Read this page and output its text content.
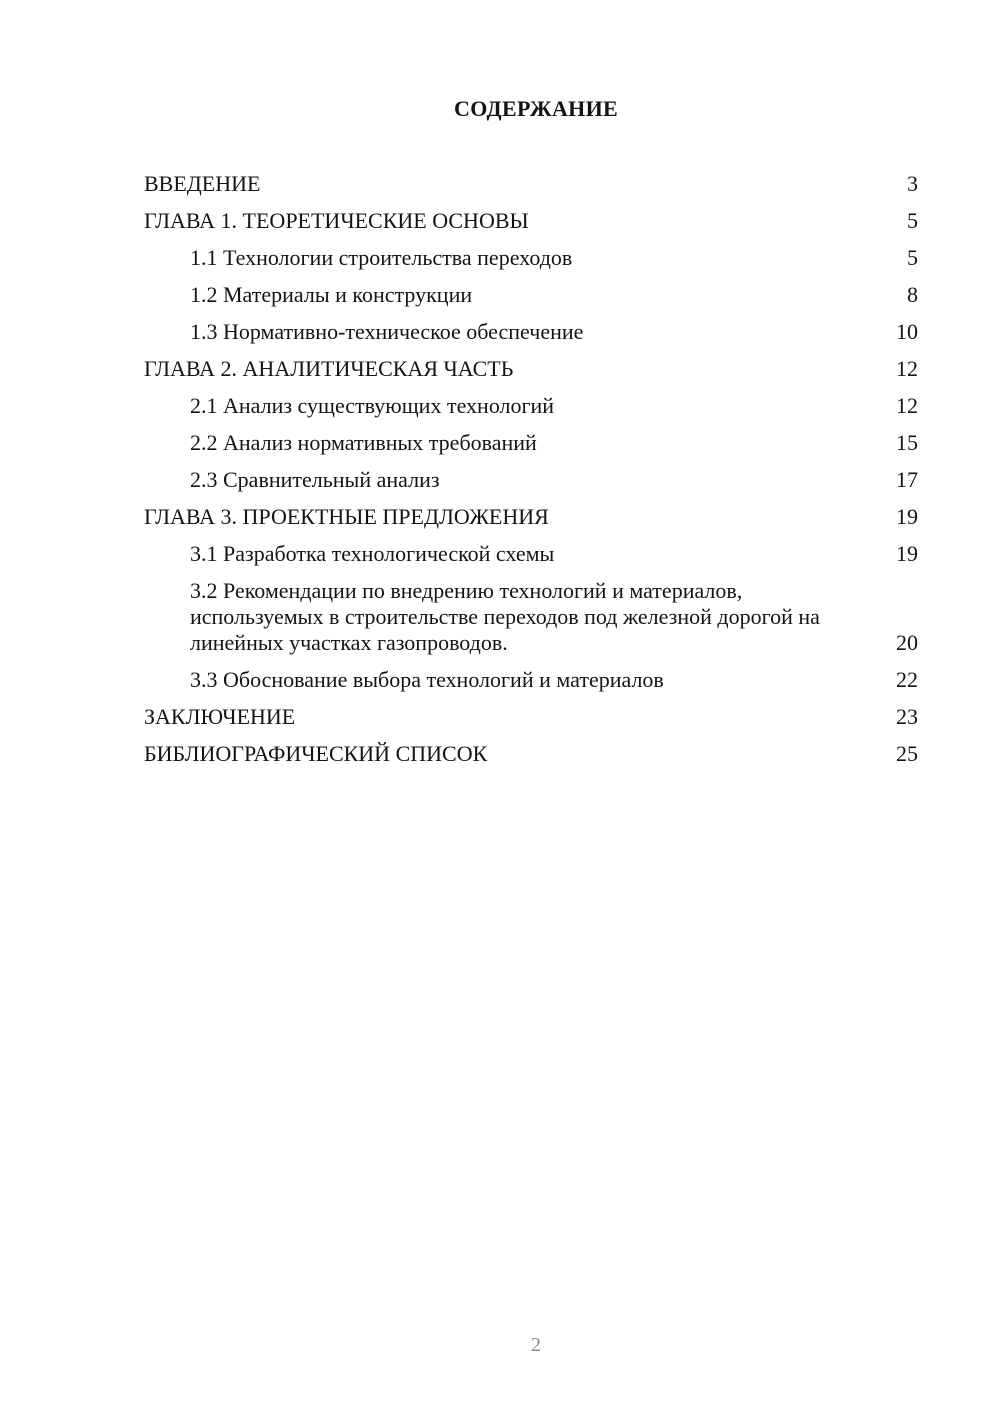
СОДЕРЖАНИЕ
ВВЕДЕНИЕ	3
ГЛАВА 1. ТЕОРЕТИЧЕСКИЕ ОСНОВЫ	5
1.1 Технологии строительства переходов	5
1.2 Материалы и конструкции	8
1.3 Нормативно-техническое обеспечение	10
ГЛАВА 2. АНАЛИТИЧЕСКАЯ ЧАСТЬ	12
2.1 Анализ существующих технологий	12
2.2 Анализ нормативных требований	15
2.3 Сравнительный анализ	17
ГЛАВА 3. ПРОЕКТНЫЕ ПРЕДЛОЖЕНИЯ	19
3.1 Разработка технологической схемы	19
3.2 Рекомендации по внедрению технологий и материалов, используемых в строительстве переходов под железной дорогой на линейных участках газопроводов.	20
3.3 Обоснование выбора технологий и материалов	22
ЗАКЛЮЧЕНИЕ	23
БИБЛИОГРАФИЧЕСКИЙ СПИСОК	25
2
